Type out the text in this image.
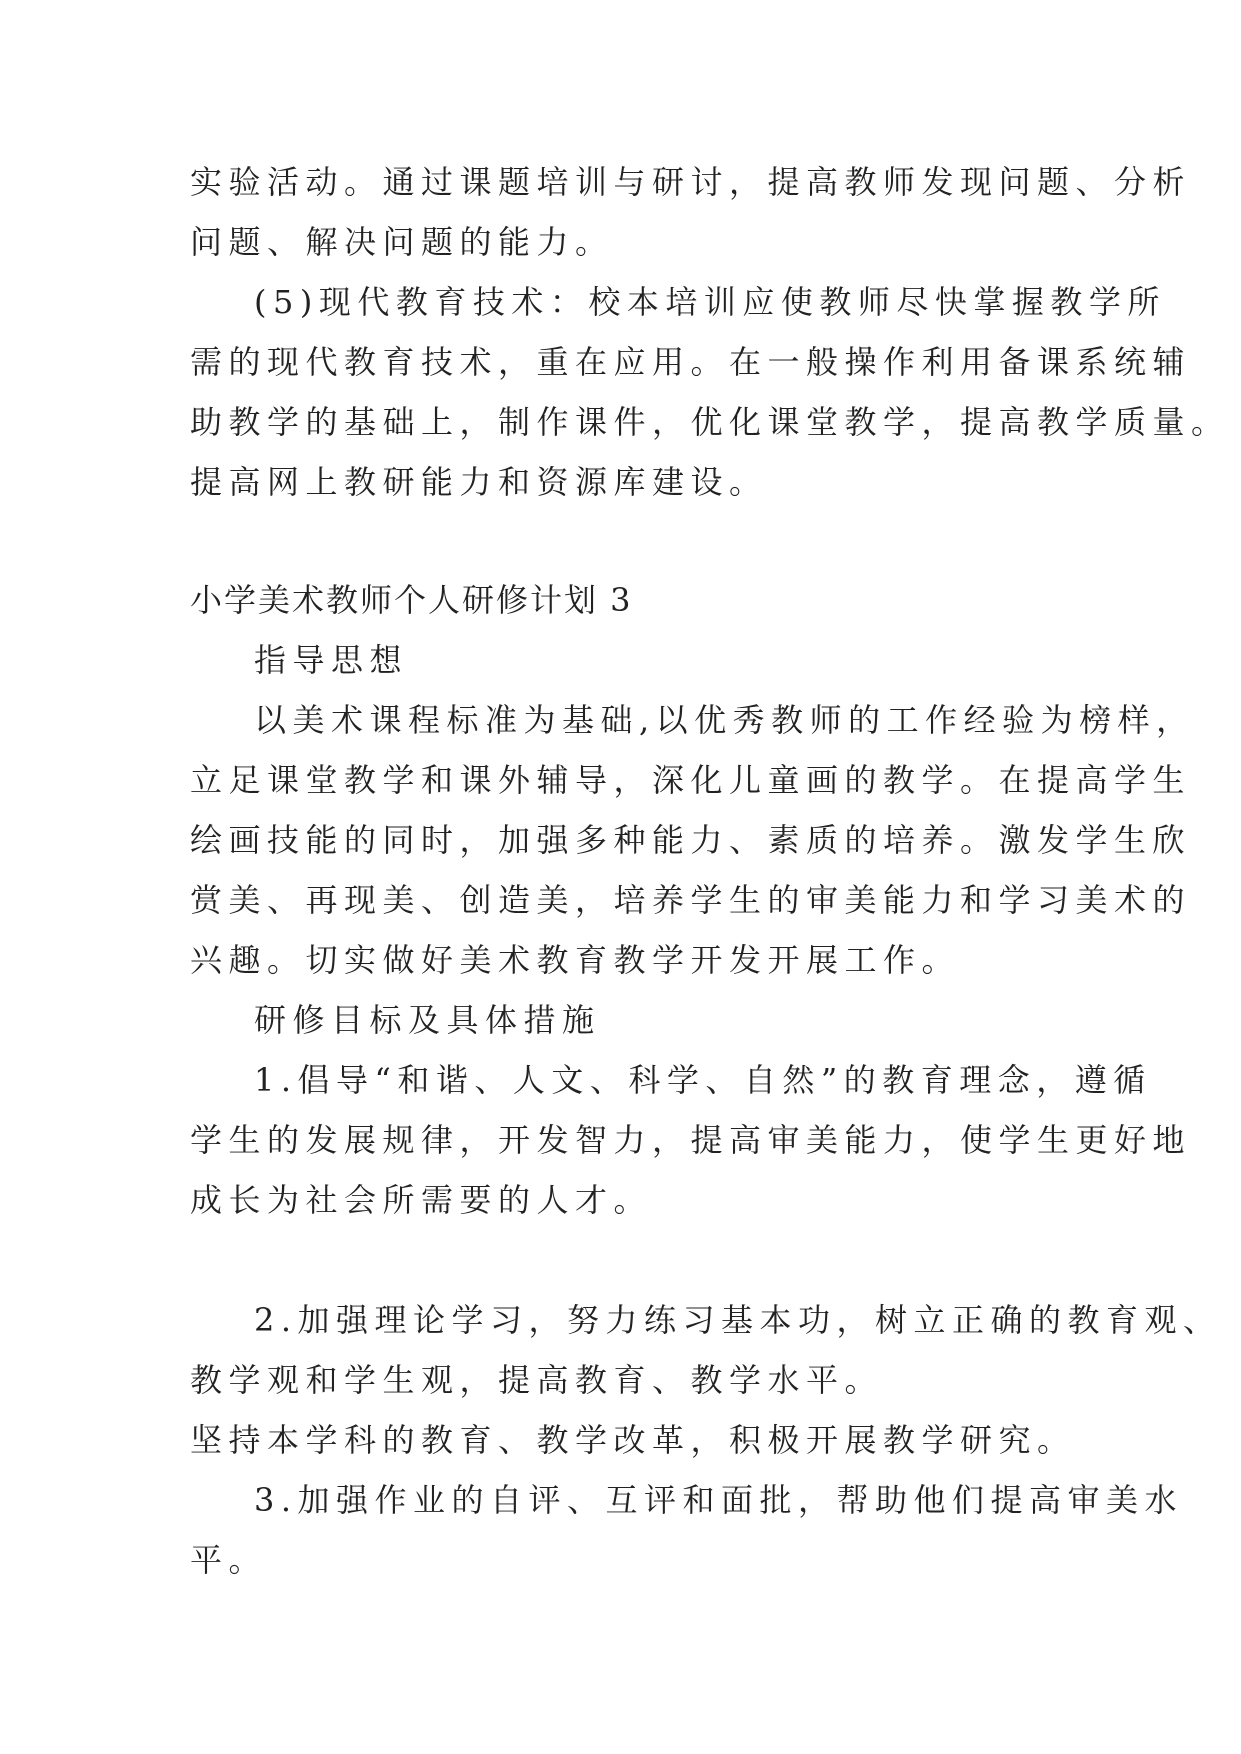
实验活动。通过课题培训与研讨，提高教师发现问题、分析
问题、解决问题的能力。
(5)现代教育技术：校本培训应使教师尽快掌握教学所
需的现代教育技术，重在应用。在一般操作利用备课系统辅
助教学的基础上，制作课件，优化课堂教学，提高教学质量。
提高网上教研能力和资源库建设。
小学美术教师个人研修计划 3
指导思想
以美术课程标准为基础,以优秀教师的工作经验为榜样，
立足课堂教学和课外辅导，深化儿童画的教学。在提高学生
绘画技能的同时，加强多种能力、素质的培养。激发学生欣
赏美、再现美、创造美，培养学生的审美能力和学习美术的
兴趣。切实做好美术教育教学开发开展工作。
研修目标及具体措施
1.倡导“和谐、人文、科学、自然”的教育理念，遵循
学生的发展规律，开发智力，提高审美能力，使学生更好地
成长为社会所需要的人才。
2.加强理论学习，努力练习基本功，树立正确的教育观、
教学观和学生观，提高教育、教学水平。
坚持本学科的教育、教学改革，积极开展教学研究。
3.加强作业的自评、互评和面批，帮助他们提高审美水
平。
